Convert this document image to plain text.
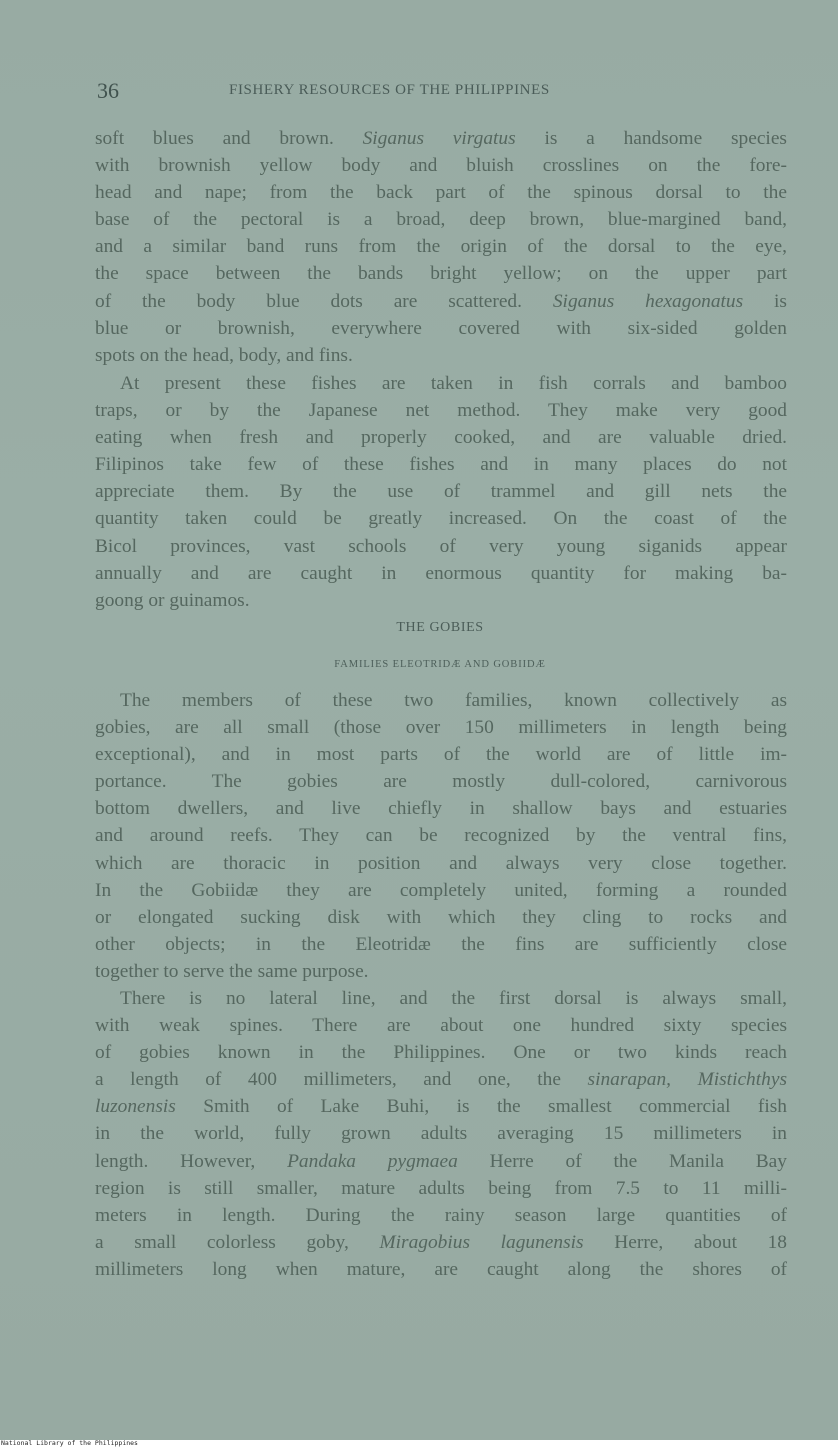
36	FISHERY RESOURCES OF THE PHILIPPINES

soft blues and brown. Siganus virgatus is a handsome species
with brownish yellow body and bluish crosslines on the fore-
head and nape; from the back part of the spinous dorsal to the
base of the pectoral is a broad, deep brown, blue-margined band,
and a similar band runs from the origin of the dorsal to the eye,
the space between the bands bright yellow; on the upper part
of the body blue dots are scattered. Siganus hexagonatus is
blue or brownish, everywhere covered with six-sided golden
spots on the head, body, and fins.

At present these fishes are taken in fish corrals and bamboo
traps, or by the Japanese net method. They make very good
eating when fresh and properly cooked, and are valuable dried.
Filipinos take few of these fishes and in many places do not
appreciate them. By the use of trammel and gill nets the
quantity taken could be greatly increased. On the coast of the
Bicol provinces, vast schools of very young siganids appear
annually and are caught in enormous quantity for making ba-
goong or guinamos.

THE GOBIES
FAMILIES ELEOTRIDÆ AND GOBIIDÆ

The members of these two families, known collectively as
gobies, are all small (those over 150 millimeters in length being
exceptional), and in most parts of the world are of little im-
portance. The gobies are mostly dull-colored, carnivorous
bottom dwellers, and live chiefly in shallow bays and estuaries
and around reefs. They can be recognized by the ventral fins,
which are thoracic in position and always very close together.
In the Gobiidæ they are completely united, forming a rounded
or elongated sucking disk with which they cling to rocks and
other objects; in the Eleotridæ the fins are sufficiently close
together to serve the same purpose.

There is no lateral line, and the first dorsal is always small,
with weak spines. There are about one hundred sixty species
of gobies known in the Philippines. One or two kinds reach
a length of 400 millimeters, and one, the sinarapan, Mistichthys
luzonensis Smith of Lake Buhi, is the smallest commercial fish
in the world, fully grown adults averaging 15 millimeters in
length. However, Pandaka pygmaea Herre of the Manila Bay
region is still smaller, mature adults being from 7.5 to 11 milli-
meters in length. During the rainy season large quantities of
a small colorless goby, Miragobius lagunensis Herre, about 18
millimeters long when mature, are caught along the shores of

National Library of the Philippines
